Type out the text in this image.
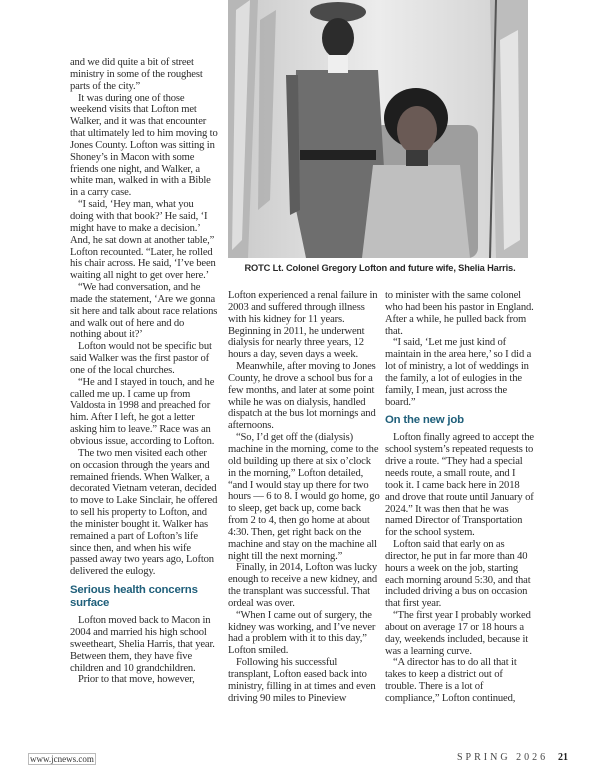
ROTC Lt. Colonel Gregory Lofton and future wife, Shelia Harris.

and we did quite a bit of street ministry in some of the roughest parts of the city.”

It was during one of those weekend visits that Lofton met Walker, and it was that encounter that ultimately led to him moving to Jones County. Lofton was sitting in Shoney’s in Macon with some friends one night, and Walker, a white man, walked in with a Bible in a carry case.

“I said, ‘Hey man, what you doing with that book?’ He said, ‘I might have to make a decision.’ And, he sat down at another table,” Lofton recounted. “Later, he rolled his chair across. He said, ‘I’ve been waiting all night to get over here.’

“We had conversation, and he made the statement, ‘Are we gonna sit here and talk about race relations and walk out of here and do nothing about it?’

Lofton would not be specific but said Walker was the first pastor of one of the local churches.

“He and I stayed in touch, and he called me up. I came up from Valdosta in 1998 and preached for him. After I left, he got a letter asking him to leave.” Race was an obvious issue, according to Lofton.

The two men visited each other on occasion through the years and remained friends. When Walker, a decorated Vietnam veteran, decided to move to Lake Sinclair, he offered to sell his property to Lofton, and the minister bought it. Walker has remained a part of Lofton’s life since then, and when his wife passed away two years ago, Lofton delivered the eulogy.

Serious health concerns surface

Lofton moved back to Macon in 2004 and married his high school sweetheart, Shelia Harris, that year. Between them, they have five children and 10 grandchildren.

Prior to that move, however,

Lofton experienced a renal failure in 2003 and suffered through illness with his kidney for 11 years. Beginning in 2011, he underwent dialysis for nearly three years, 12 hours a day, seven days a week.

Meanwhile, after moving to Jones County, he drove a school bus for a few months, and later at some point while he was on dialysis, handled dispatch at the bus lot mornings and afternoons.

“So, I’d get off the (dialysis) machine in the morning, come to the old building up there at six o’clock in the morning,” Lofton detailed, “and I would stay up there for two hours — 6 to 8. I would go home, go to sleep, get back up, come back from 2 to 4, then go home at about 4:30. Then, get right back on the machine and stay on the machine all night till the next morning.”

Finally, in 2014, Lofton was lucky enough to receive a new kidney, and the transplant was successful. That ordeal was over.

“When I came out of surgery, the kidney was working, and I’ve never had a problem with it to this day,” Lofton smiled.

Following his successful transplant, Lofton eased back into ministry, filling in at times and even driving 90 miles to Pineview

to minister with the same colonel who had been his pastor in England. After a while, he pulled back from that.

“I said, ‘Let me just kind of maintain in the area here,’ so I did a lot of ministry, a lot of weddings in the family, a lot of eulogies in the family, I mean, just across the board.”

On the new job

Lofton finally agreed to accept the school system’s repeated requests to drive a route. “They had a special needs route, a small route, and I took it. I came back here in 2018 and drove that route until January of 2024.” It was then that he was named Director of Transportation for the school system.

Lofton said that early on as director, he put in far more than 40 hours a week on the job, starting each morning around 5:30, and that included driving a bus on occasion that first year.

“The first year I probably worked about on average 17 or 18 hours a day, weekends included, because it was a learning curve.

“A director has to do all that it takes to keep a district out of trouble. There is a lot of compliance,” Lofton continued,

www.jcnews.com	SPRING 2026 21
